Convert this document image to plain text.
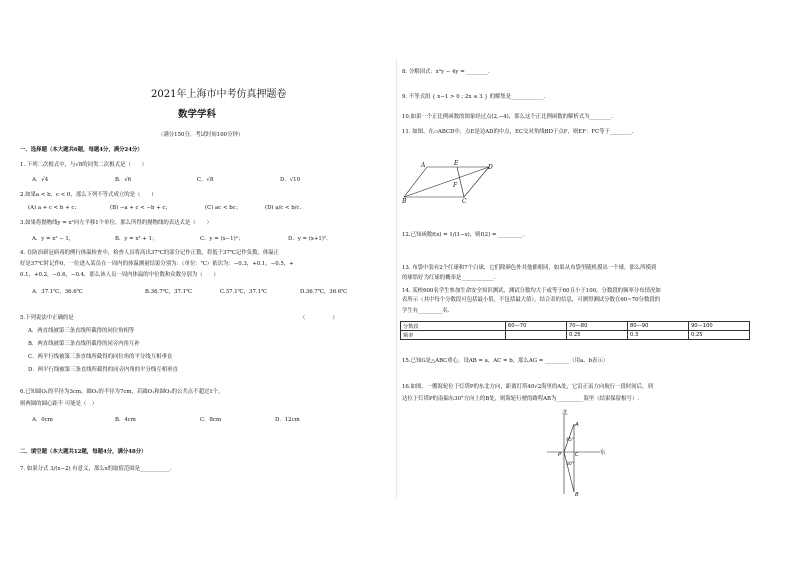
2021年上海市中考仿真押题卷
数学学科
（满分150分，考试时间100分钟）
一、选择题（本大题共6题，每题4分，满分24分）
1. 下列二次根式中，与√8的同类二次根式是（　　）
A．√4	B．√6	C．√8	D．√10
2.如果a < b，c < 0，那么下列不等式成立的是（　　）
(A) a + c < b + c；	(B) −a + c < −b + c；	(C) ac < bc；	(D) a/c < b/c.
3.如果将抛物线y = x²向左平移1个单位，那么所得的抛物线的表达式是（　　）
A．y = x² − 1，	B．y = x² + 1；	C．y = (x−1)²；	D．y = (x+1)²．
4. 在防治新冠病毒的例行体温检查中，检查人员将高出37℃的部分记作正数，将低于37℃记作负数，体温正
好是37℃时记作0，一位进入某员在一周内的体温测量结果分别为：（单位：℃）依次为：−0.3，+0.1，−0.5，+
0.1，+0.2，−0.6，−0.4，那么该人员一周内体温的中位数和众数分别为（　　）
A．37.1℃，36.6℃	B.36.7℃，37.1℃	C.37.1℃，37.1℃	D.36.7℃，36.6℃
5.下列说法中正确的是	（　　　　　）
A．两直线被第三条直线所截得的同位角相等
B．两直线被第三条直线所截得的同旁内角互补
C．两平行线被第三条直线所截得的同位角的平分线互相垂直
D．两平行线被第三条直线所截得的同旁内角的平分线互相垂直
6.已知圆O₁的半径为3cm，圆O₂的半径为7cm，若圆O₁和圆O₂的公共点不超过1个，
则两圆的圆心距不 可能是（　）
A．0cm	B．4cm	C．8cm	D．12cm
二、填空题（本大题共12题，每题4分，满分48分）
7. 如果分式 3/(x−2) 有意义，那么x的取值范围是___________.
8. 分解因式：x²y − 4y = ________.
9. 不等式组 { x−1 > 0 ; 2x ≤ 3 } 的解集是____________.
10.如果一个正比例函数的图象经过点(2,−4)，那么这个正比例函数的解析式为________.
11. 如图，在▱ABCD中，点E是边AD的中点，EC交对角线BD于点F，则EF：FC等于________.
A	E
D
F
B	C
12.已知函数f(x) = 1/(1−x)，则f(2) = _________.
13. 布袋中装有2个红球和7个白球，它们除颜色外其他都相同，如果从布袋里随机摸出一个球，那么所摸到
的球恰好为红球的概率是____________.
14. 某校600名学生参加生命安全知识测试，测试分数均大于或等于60且小于100，分数段的频率分布情况如
表所示（其中每个分数段可包括最小值，不包括最大值），结合表的信息，可测得测试分数在60~70分数段的
学生有_________名.
15.已知G是△ABC重心，设AB = a，AC = b，那么AG = _________（用a、b表示）
16.如图，一艘海轮位于灯塔P的东北方向，距离灯塔40√2海里的A处，它沿正南方向航行一段时间后，到
达位于灯塔P的南偏东30°方向上的B处，则海轮行驶的路程AB为__________海里（结果保留根号）.
北
东
A
P C
B
45°
30°
分数段	60—70	70—80	80—90	90—100
频率		0.25	0.3	0.25
